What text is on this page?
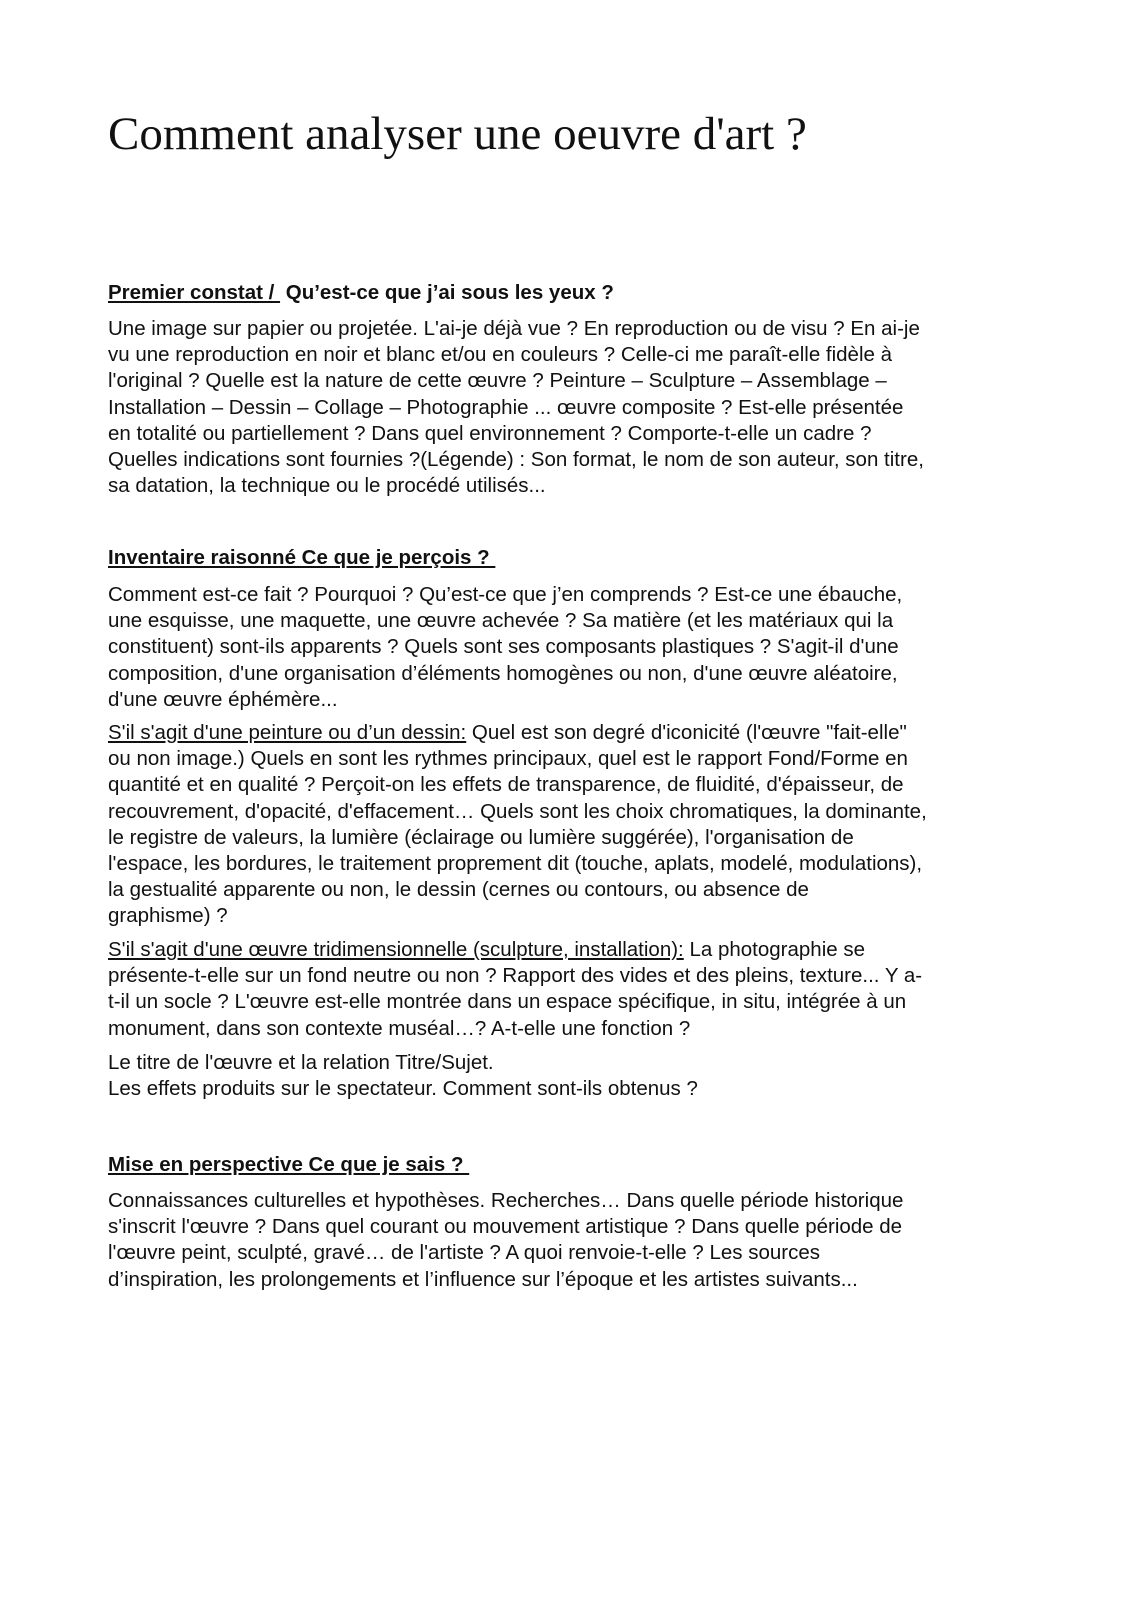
Comment analyser une oeuvre d'art ?
Premier constat /  Qu’est-ce que j’ai sous les yeux ?

Une image sur papier ou projetée. L'ai-je déjà vue ? En reproduction ou de visu ? En ai-je
vu une reproduction en noir et blanc et/ou en couleurs ? Celle-ci me paraît-elle fidèle à
l'original ? Quelle est la nature de cette œuvre ? Peinture – Sculpture – Assemblage –
Installation – Dessin – Collage – Photographie ... œuvre composite ? Est-elle présentée
en totalité ou partiellement ? Dans quel environnement ? Comporte-t-elle un cadre ?
Quelles indications sont fournies ?(Légende) : Son format, le nom de son auteur, son titre,
sa datation, la technique ou le procédé utilisés...

Inventaire raisonné Ce que je perçois ?

Comment est-ce fait ? Pourquoi ? Qu’est-ce que j’en comprends ? Est-ce une ébauche,
une esquisse, une maquette, une œuvre achevée ? Sa matière (et les matériaux qui la
constituent) sont-ils apparents ? Quels sont ses composants plastiques ? S'agit-il d'une
composition, d'une organisation d’éléments homogènes ou non, d'une œuvre aléatoire,
d'une œuvre éphémère...

S'il s'agit d'une peinture ou d’un dessin: Quel est son degré d'iconicité (l'œuvre "fait-elle"
ou non image.) Quels en sont les rythmes principaux, quel est le rapport Fond/Forme en
quantité et en qualité ? Perçoit-on les effets de transparence, de fluidité, d'épaisseur, de
recouvrement, d'opacité, d'effacement… Quels sont les choix chromatiques, la dominante,
le registre de valeurs, la lumière (éclairage ou lumière suggérée), l'organisation de
l'espace, les bordures, le traitement proprement dit (touche, aplats, modelé, modulations),
la gestualité apparente ou non, le dessin (cernes ou contours, ou absence de
graphisme) ?

S'il s'agit d'une œuvre tridimensionnelle (sculpture, installation): La photographie se
présente-t-elle sur un fond neutre ou non ? Rapport des vides et des pleins, texture... Y a-
t-il un socle ? L'œuvre est-elle montrée dans un espace spécifique, in situ, intégrée à un
monument, dans son contexte muséal…? A-t-elle une fonction ?

Le titre de l'œuvre et la relation Titre/Sujet.
Les effets produits sur le spectateur. Comment sont-ils obtenus ?

Mise en perspective Ce que je sais ?

Connaissances culturelles et hypothèses. Recherches… Dans quelle période historique
s'inscrit l'œuvre ? Dans quel courant ou mouvement artistique ? Dans quelle période de
l'œuvre peint, sculpté, gravé… de l'artiste ? A quoi renvoie-t-elle ? Les sources
d’inspiration, les prolongements et l’influence sur l’époque et les artistes suivants...
